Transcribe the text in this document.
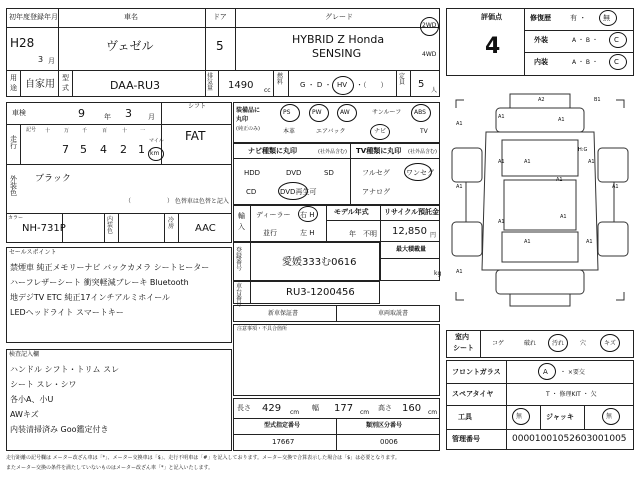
初年度登録年月
H28
3 月
車名
ヴェゼル
ドア
5
グレード
HYBRID Z Honda
SENSING
2WD
4WD
用
途 自家用
型
式	DAA-RU3
排気量	1490 cc
燃料	G ・ D ・ HV ・（　　）
定員	5
人
車検	9	年 3 月
シフト
FAT
走行
記号 十	万	千	百	十	一
7 5 4 2 1
マイル
km
外装色
ブラック
（　　　　　　） 色替車は色替と記入
カラー
NH-731P
内装色
冷房	AAC
セールスポイント
禁煙車 純正メモリーナビ バックカメラ シートヒーター
ハーフレザーシート 衝突軽減ブレーキ Bluetooth
地デジTV ETC 純正17インチアルミホイール
LEDヘッドライト スマートキー
検査記入欄
ハンドル シフト・トリム スレ
シート スレ・シワ
各小A、小U
AWキズ
内装清掃済み Goo鑑定付き
装備品に
丸印
(純正のみ)
PS	PW	AW	サンルーフ ABS
本革	エアバック	ナビ	TV
ナビ種類に丸印	(社外品含む) TV種類に丸印 (社外品含む)
HDD	DVD	SD
CD	DVD再生可
フルセグ ワンセグ
アナログ
輸
入
ディーラー 右 H
並行	左 H
モデル年式
年　不明
リサイクル預託金
12,850 円
最大積載量
kg
登録番号
愛媛333む0616
車台番号
RU3-1200456
新車保証書	車両取説書
注意事項・不具合箇所
長さ 429 cm
幅 177 cm
高さ 160 cm
型式指定番号
17667
類別区分番号
0006
評価点
4
修復歴	有 ・ 無
外装	A ・ B ・ C
内装	A ・ B ・ C
A2	B1
A1	A1
A1
H:G
A1	A1	A1
A1
A1	A1
A1
A1
A1	A1
A1
室内
シート
コゲ	破れ	汚れ	穴	キズ
フロントガラス	A ・ ×要交
スペアタイヤ	T ・ 修理KIT ・ 欠
工具	無	ジャッキ	無
管理番号	00001001052603001005
走行距離の記号欄は メーター改ざん車は「*」、メーター交換車は「$」、走行不明車は「#」を記入しております。メーター交換で合算表示した場合は「$」は必要となります。
またメーター交換の条件を満たしていないものはメーター改ざん車「*」と記入いたします。
